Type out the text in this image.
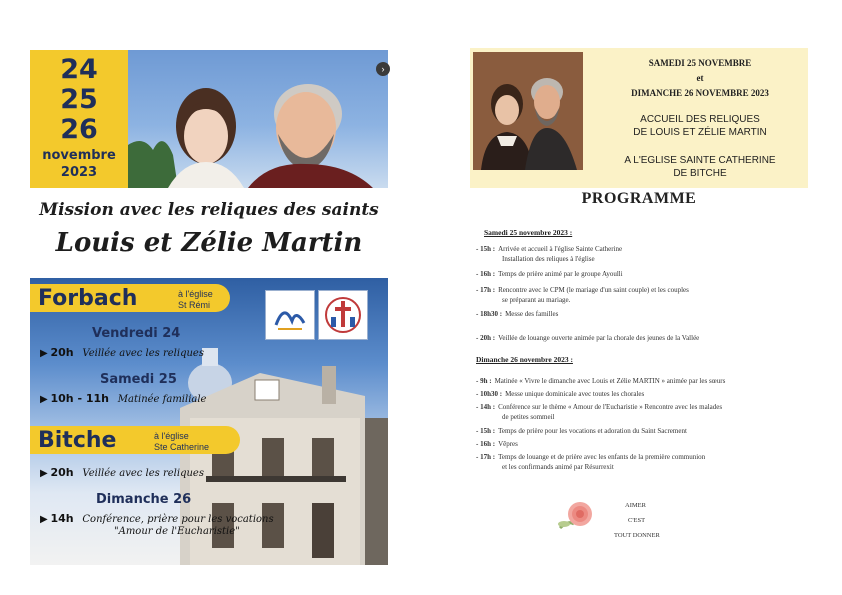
24
25
26
novembre
2023
›
Mission avec les reliques des saints
Louis et Zélie Martin
Forbach	à l'église
St Rémi
Vendredi 24
▶ 20h Veillée avec les reliques
Samedi 25
▶ 10h - 11h Matinée familiale
Bitche	à l'église
Ste Catherine
▶ 20h Veillée avec les reliques
Dimanche 26
▶ 14h Conférence, prière pour les vocations
"Amour de l'Eucharistie"
SAMEDI 25 NOVEMBRE
et
DIMANCHE 26 NOVEMBRE 2023
ACCUEIL DES RELIQUES
DE LOUIS ET ZÉLIE MARTIN
A L'EGLISE SAINTE CATHERINE
DE BITCHE
PROGRAMME
Samedi 25 novembre 2023 :
- 15h : Arrivée et accueil à l'église Sainte Catherine
Installation des reliques à l'église
- 16h : Temps de prière animé par le groupe Ayoulli
- 17h : Rencontre avec le CPM (le mariage d'un saint couple) et les couples
se préparant au mariage.
- 18h30 : Messe des familles
- 20h : Veillée de louange ouverte animée par la chorale des jeunes de la Vallée
Dimanche 26 novembre 2023 :
- 9h : Matinée « Vivre le dimanche avec Louis et Zélie MARTIN » animée par les sœurs
- 10h30 : Messe unique dominicale avec toutes les chorales
- 14h : Conférence sur le thème « Amour de l'Eucharistie » Rencontre avec les malades
de petites sommeil
- 15h : Temps de prière pour les vocations et adoration du Saint Sacrement
- 16h : Vêpres
- 17h : Temps de louange et de prière avec les enfants de la première communion
et les confirmands animé par Résurrexit
AIMER
C'EST
TOUT DONNER
